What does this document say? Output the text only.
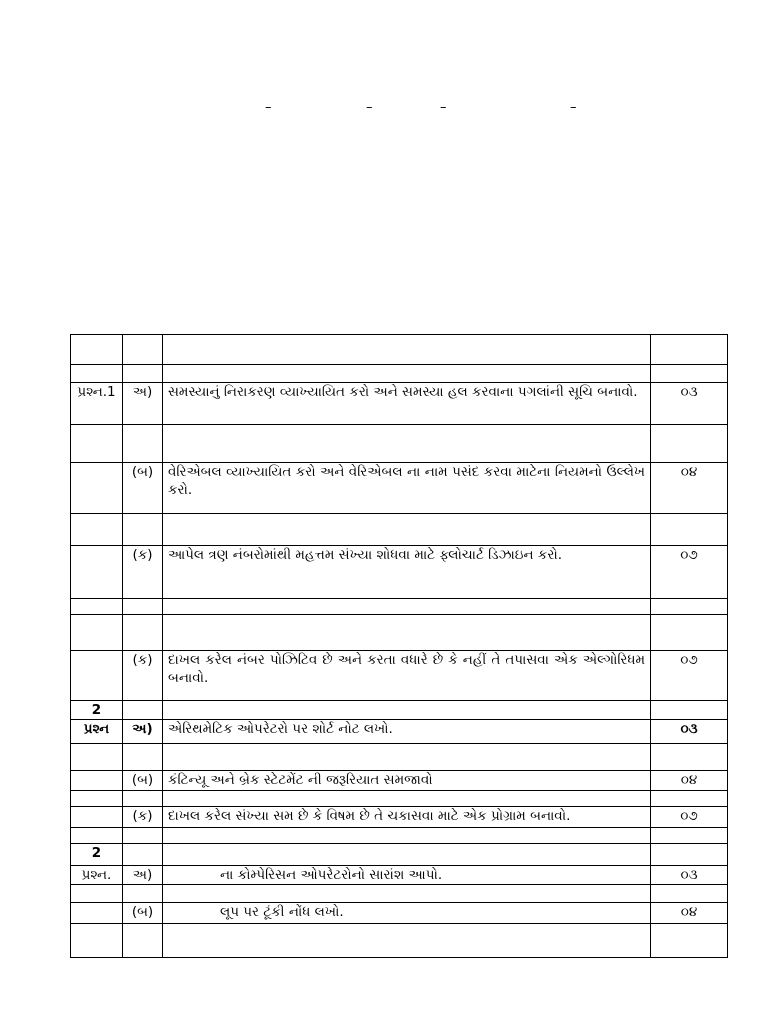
–	–	–	–

પ્રશ્ન.1	અ)	સમસ્યાનું નિરાકરણ વ્યાખ્યાયિત કરો અને સમસ્યા હલ કરવાના પગલાંની સૂચિ બનાવો.	૦૩

	(બ)	વેરિએબલ વ્યાખ્યાયિત કરો અને વેરિએબલ ના નામ પસંદ કરવા માટેના નિયમનો ઉલ્લેખ કરો.	૦૪

	(ક)	આપેલ ત્રણ નંબરોમાંથી મહત્તમ સંખ્યા શોધવા માટે ફ્લોચાર્ટ ડિઝાઇન કરો.	૦૭

	(ક)	દાખલ કરેલ નંબર પોઝિટિવ છે અને કરતા વધારે છે કે નહીં તે તપાસવા એક એલ્ગોરિધમ બનાવો.	૦૭
2			
પ્રશ્ન	અ)	એરિથમેટિક ઓપરેટરો પર શોર્ટ નોટ લખો.	૦૩

	(બ)	કંટિન્યૂ અને બ્રેક સ્ટેટમેંટ ની જરૂરિયાત સમજાવો	૦૪

	(ક)	દાખલ કરેલ સંખ્યા સમ છે કે વિષમ છે તે ચકાસવા માટે એક પ્રોગ્રામ બનાવો.	૦૭

2			
પ્રશ્ન.	અ)	ના કોમ્પેરિસન ઓપરેટરોનો સારાંશ આપો.	૦૩

	(બ)	લૂપ પર ટૂંકી નોંધ લખો.	૦૪
